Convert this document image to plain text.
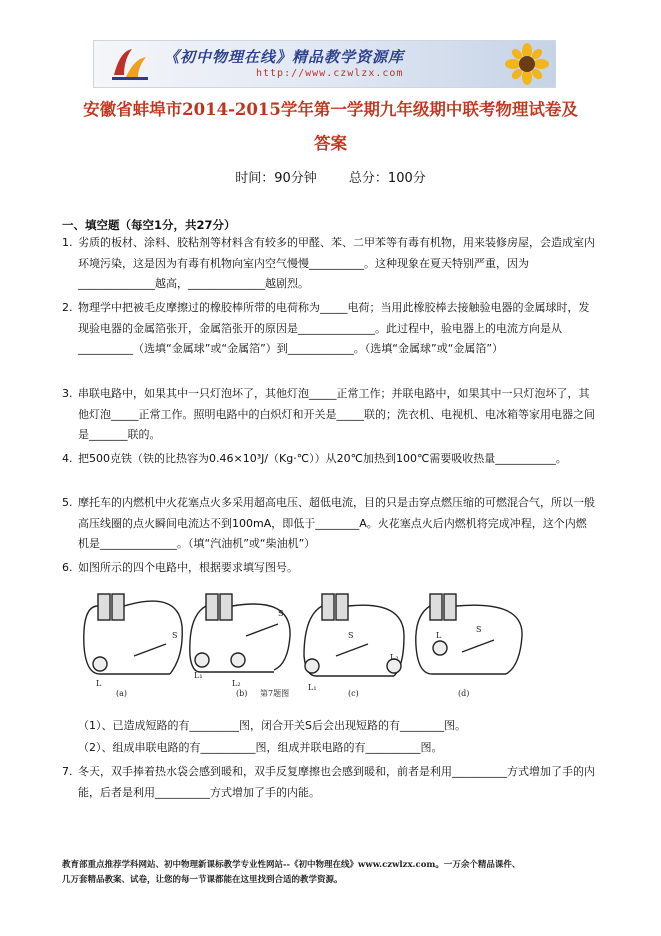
《初中物理在线》精品教学资源库
http://www.czwlzx.com
安徽省蚌埠市2014-2015学年第一学期九年级期中联考物理试卷及
答案
时间：90分钟 总分：100分
一、填空题（每空1分，共27分）
1. 劣质的板材、涂料、胶粘剂等材料含有较多的甲醛、苯、二甲苯等有毒有机物，用来装修房屋，会造成室内环境污染，这是因为有毒有机物向室内空气慢慢__________。这种现象在夏天特别严重，因为______________越高，______________越剧烈。
2. 物理学中把被毛皮摩擦过的橡胶棒所带的电荷称为_____电荷；当用此橡胶棒去接触验电器的金属球时，发现验电器的金属箔张开，金属箔张开的原因是______________。此过程中，验电器上的电流方向是从__________（选填“金属球”或“金属箔”）到____________。（选填“金属球”或“金属箔”）
3. 串联电路中，如果其中一只灯泡坏了，其他灯泡_____正常工作；并联电路中，如果其中一只灯泡坏了，其他灯泡_____正常工作。照明电路中的白炽灯和开关是_____联的；洗衣机、电视机、电冰箱等家用电器之间是_______联的。
4. 把500克铁（铁的比热容为0.46×10³J/（Kg·℃））从20℃加热到100℃需要吸收热量___________。
5. 摩托车的内燃机中火花塞点火多采用超高电压、超低电流，目的只是击穿点燃压缩的可燃混合气，所以一般高压线圈的点火瞬间电流达不到100mA，即低于________A。火花塞点火后内燃机将完成冲程，这个内燃机是______________。（填“汽油机”或“柴油机”）
6. 如图所示的四个电路中，根据要求填写图号。
S
L
S
L₁
L₂
S
L₁
L₂
S
L
(a)	(b)	(c)	(d)
第7题图
（1）、已造成短路的有_________图，闭合开关S后会出现短路的有________图。
（2）、组成串联电路的有__________图，组成并联电路的有__________图。
7. 冬天，双手捧着热水袋会感到暖和，双手反复摩擦也会感到暖和，前者是利用__________方式增加了手的内能，后者是利用__________方式增加了手的内能。
教育部重点推荐学科网站、初中物理新课标教学专业性网站--《初中物理在线》www.czwlzx.com。一万余个精品课件、
几万套精品教案、试卷，让您的每一节课都能在这里找到合适的教学资源。
